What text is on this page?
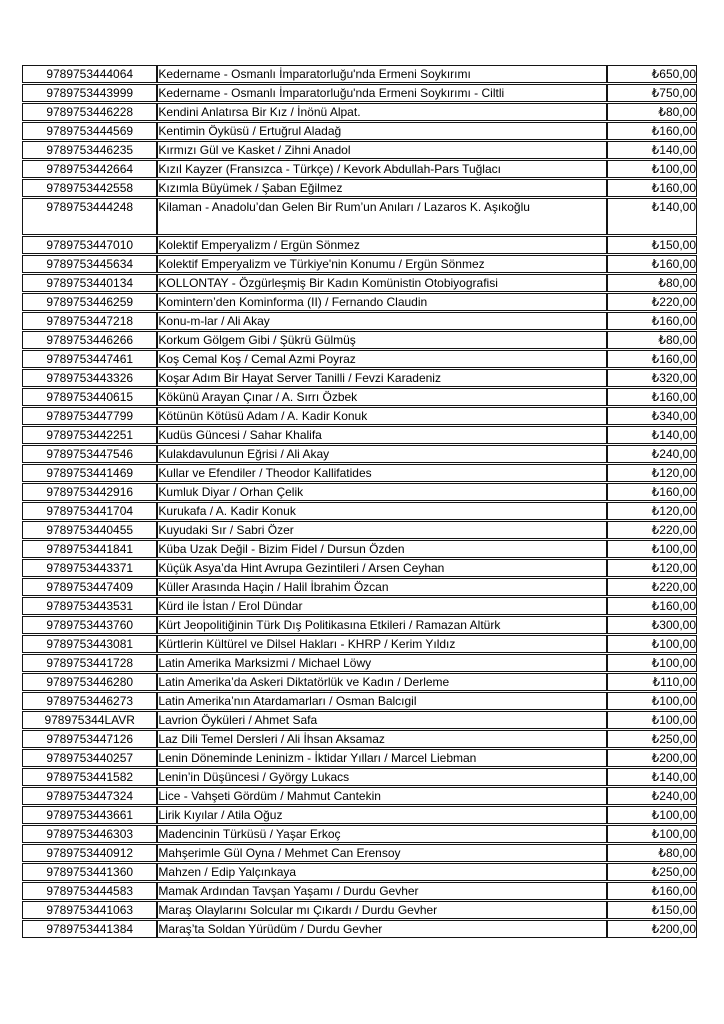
9789753444064	Kedername - Osmanlı İmparatorluğu'nda Ermeni Soykırımı	₺650,00
9789753443999	Kedername - Osmanlı İmparatorluğu'nda Ermeni Soykırımı - Ciltli	₺750,00
9789753446228	Kendini Anlatırsa Bir Kız / İnönü Alpat.	₺80,00
9789753444569	Kentimin Öyküsü / Ertuğrul Aladağ	₺160,00
9789753446235	Kırmızı Gül ve Kasket / Zihni Anadol	₺140,00
9789753442664	Kızıl Kayzer (Fransızca - Türkçe) / Kevork Abdullah-Pars Tuğlacı	₺100,00
9789753442558	Kızımla Büyümek / Şaban Eğilmez	₺160,00
9789753444248	Kilaman - Anadolu’dan Gelen Bir Rum’un Anıları / Lazaros K. Aşıkoğlu	₺140,00
9789753447010	Kolektif Emperyalizm / Ergün Sönmez	₺150,00
9789753445634	Kolektif Emperyalizm ve Türkiye'nin Konumu / Ergün Sönmez	₺160,00
9789753440134	KOLLONTAY - Özgürleşmiş Bir Kadın Komünistin Otobiyografisi	₺80,00
9789753446259	Komintern’den Kominforma (II) / Fernando Claudin	₺220,00
9789753447218	Konu-m-lar / Ali Akay	₺160,00
9789753446266	Korkum Gölgem Gibi / Şükrü Gülmüş	₺80,00
9789753447461	Koş Cemal Koş / Cemal Azmi Poyraz	₺160,00
9789753443326	Koşar Adım Bir Hayat Server Tanilli / Fevzi Karadeniz	₺320,00
9789753440615	Kökünü Arayan Çınar / A. Sırrı Özbek	₺160,00
9789753447799	Kötünün Kötüsü Adam / A. Kadir Konuk	₺340,00
9789753442251	Kudüs Güncesi / Sahar Khalifa	₺140,00
9789753447546	Kulakdavulunun Eğrisi / Ali Akay	₺240,00
9789753441469	Kullar ve Efendiler / Theodor Kallifatides	₺120,00
9789753442916	Kumluk Diyar / Orhan Çelik	₺160,00
9789753441704	Kurukafa / A. Kadir Konuk	₺120,00
9789753440455	Kuyudaki Sır / Sabri Özer	₺220,00
9789753441841	Küba Uzak Değil - Bizim Fidel / Dursun Özden	₺100,00
9789753443371	Küçük Asya’da Hint Avrupa Gezintileri / Arsen Ceyhan	₺120,00
9789753447409	Küller Arasında Haçin / Halil İbrahim Özcan	₺220,00
9789753443531	Kürd ile İstan / Erol Dündar	₺160,00
9789753443760	Kürt Jeopolitiğinin Türk Dış Politikasına Etkileri / Ramazan Altürk	₺300,00
9789753443081	Kürtlerin Kültürel ve Dilsel Hakları - KHRP / Kerim Yıldız	₺100,00
9789753441728	Latin Amerika Marksizmi / Michael Löwy	₺100,00
9789753446280	Latin Amerika’da Askeri Diktatörlük ve Kadın / Derleme	₺110,00
9789753446273	Latin Amerika’nın Atardamarları / Osman Balcıgil	₺100,00
978975344LAVR	Lavrion Öyküleri / Ahmet Safa	₺100,00
9789753447126	Laz Dili Temel Dersleri / Ali İhsan Aksamaz	₺250,00
9789753440257	Lenin Döneminde Leninizm - İktidar Yılları / Marcel Liebman	₺200,00
9789753441582	Lenin’in Düşüncesi / György Lukacs	₺140,00
9789753447324	Lice - Vahşeti Gördüm / Mahmut Cantekin	₺240,00
9789753443661	Lirik Kıyılar / Atila Oğuz	₺100,00
9789753446303	Madencinin Türküsü / Yaşar Erkoç	₺100,00
9789753440912	Mahşerimle Gül Oyna / Mehmet Can Erensoy	₺80,00
9789753441360	Mahzen / Edip Yalçınkaya	₺250,00
9789753444583	Mamak Ardından Tavşan Yaşamı / Durdu Gevher	₺160,00
9789753441063	Maraş Olaylarını Solcular mı Çıkardı / Durdu Gevher	₺150,00
9789753441384	Maraş’ta Soldan Yürüdüm / Durdu Gevher	₺200,00
